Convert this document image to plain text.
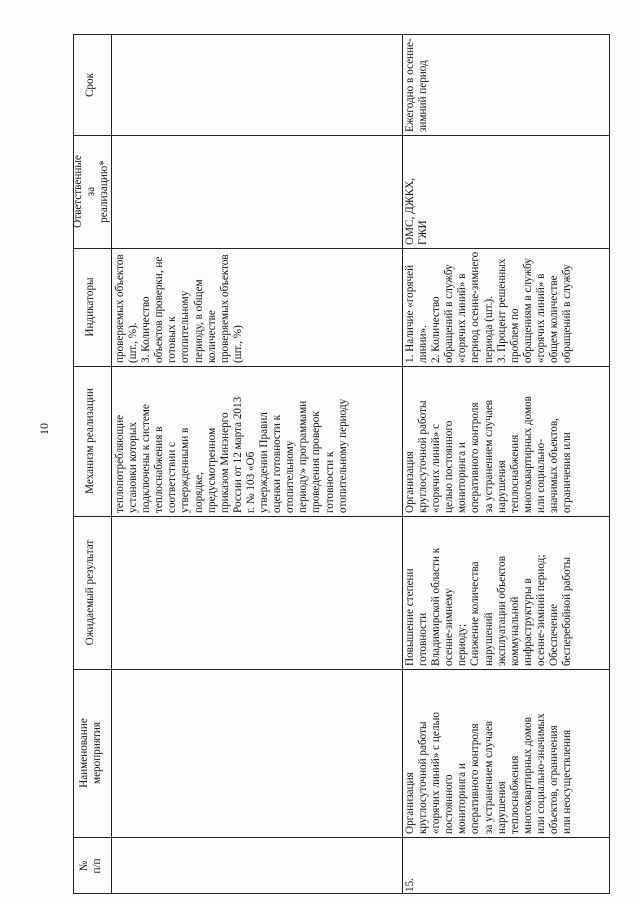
10
№ п/п
Наименование мероприятия
Ожидаемый результат
Механизм реализации
Индикаторы
Ответственные за реализацию*
Срок
теплопотребляющие установки которых подключены к системе теплоснабжения в соответствии с утвержденными в порядке, предусмотренном приказом Минэнерго России от 12 марта 2013 г. № 103 «Об утверждении Правил оценки готовности к отопительному периоду» программами проведения проверок готовности к отопительному периоду
проверяемых объектов (шт., %). 3. Количество объектов проверки, не готовых к отопительному периоду, в общем количестве проверяемых объектов (шт., %)
15.
Организация круглосуточной работы «горячих линий» с целью постоянного мониторинга и оперативного контроля за устранением случаев нарушения теплоснабжения многоквартирных домов или социально-значимых объектов, ограничения или неосуществления
Повышение степени готовности Владимирской области к осенне-зимнему периоду; Снижение количества нарушений эксплуатации объектов коммунальной инфраструктуры в осенне-зимний период; Обеспечение бесперебойной работы
Организация круглосуточной работы «горячих линий» с целью постоянного мониторинга и оперативного контроля за устранением случаев нарушения теплоснабжения многоквартирных домов или социально- значимых объектов, ограничения или
1. Наличие «горячей линии». 2. Количество обращений в службу «горячих линий» в период осенне-зимнего периода (шт.). 3. Процент решенных проблем по обращениям в службу «горячих линий» в общем количестве обращений в службу
ОМС, ДЖКХ, ГЖИ
Ежегодно в осенне- зимний период
